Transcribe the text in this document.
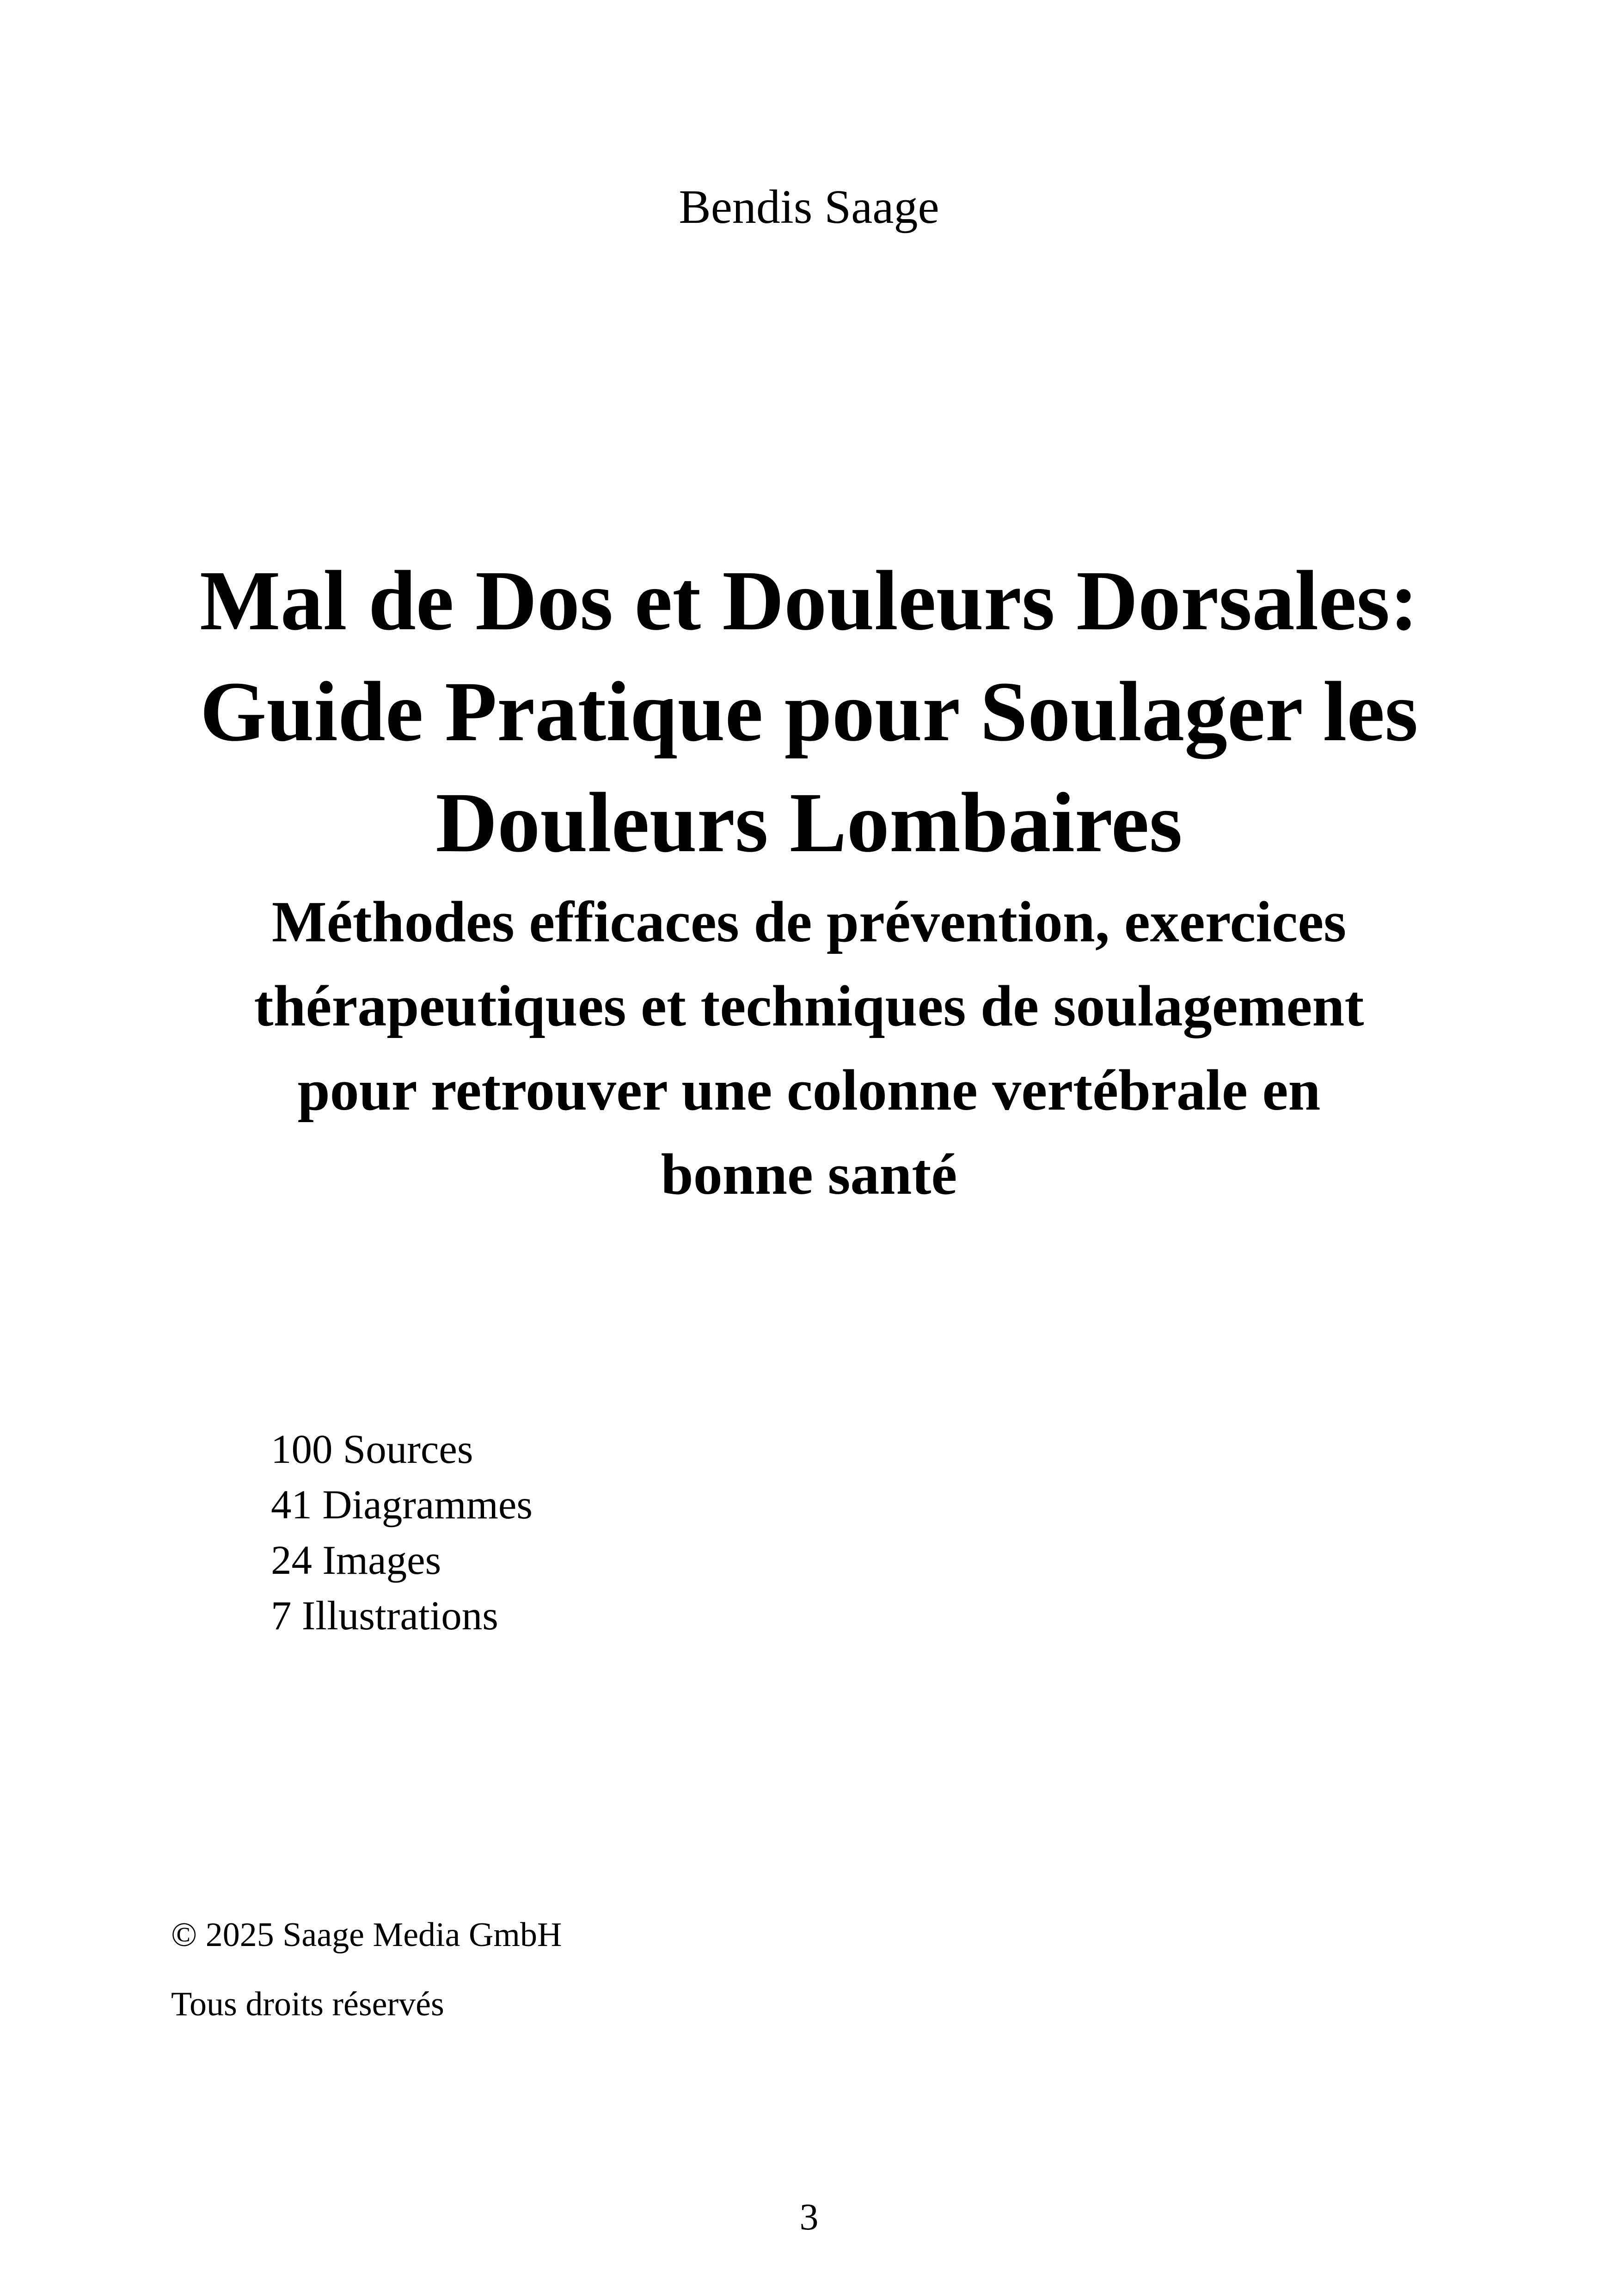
Bendis Saage
Mal de Dos et Douleurs Dorsales:
Guide Pratique pour Soulager les
Douleurs Lombaires
Méthodes efficaces de prévention, exercices
thérapeutiques et techniques de soulagement
pour retrouver une colonne vertébrale en
bonne santé
100 Sources
41 Diagrammes
24 Images
7 Illustrations
© 2025 Saage Media GmbH
Tous droits réservés
3
